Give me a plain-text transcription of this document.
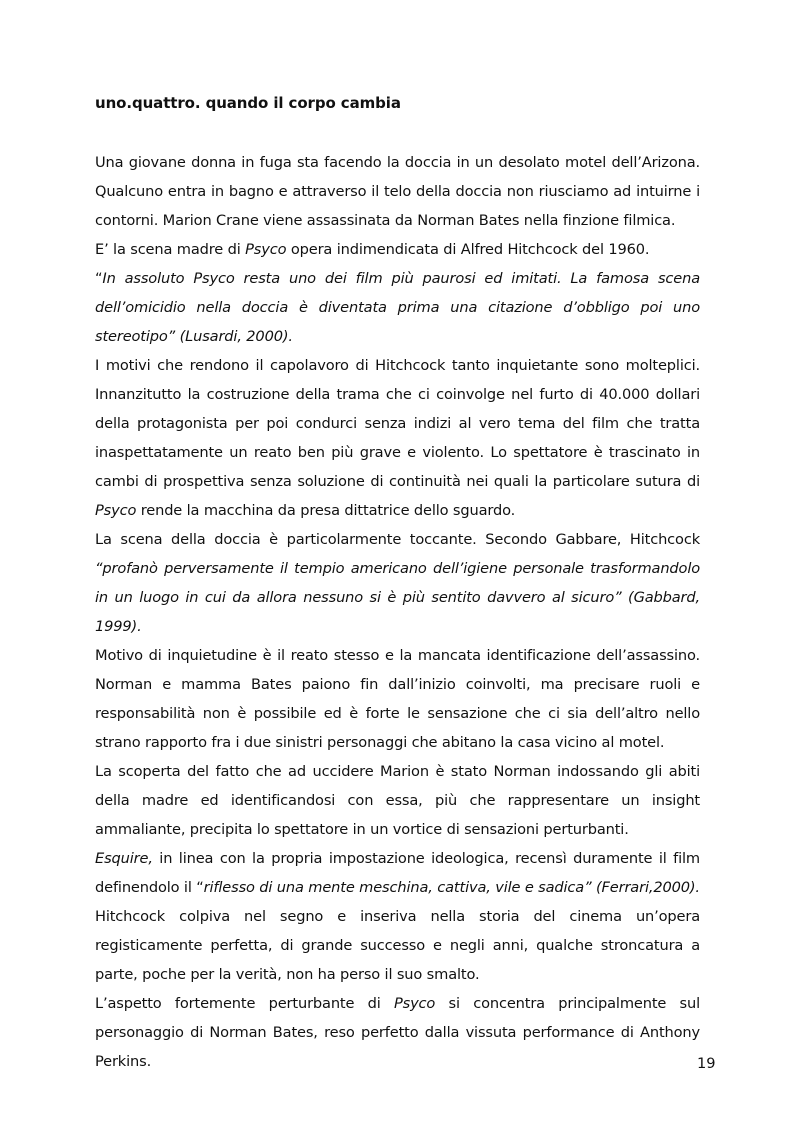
uno.quattro. quando il corpo cambia

Una giovane donna in fuga sta facendo la doccia in un desolato motel dell’Arizona. Qualcuno entra in bagno e attraverso il telo della doccia non riusciamo ad intuirne i contorni. Marion Crane viene assassinata da Norman Bates nella finzione filmica.

E’ la scena madre di Psyco opera indimendicata di Alfred Hitchcock del 1960.

“In assoluto Psyco resta uno dei film più paurosi ed imitati. La famosa scena dell’omicidio nella doccia è diventata prima una citazione d’obbligo poi uno stereotipo” (Lusardi, 2000).

I motivi che rendono il capolavoro di Hitchcock tanto inquietante sono molteplici. Innanzitutto la costruzione della trama che ci coinvolge nel furto di 40.000 dollari della protagonista per poi condurci senza indizi al vero tema del film che tratta inaspettatamente un reato ben più grave e violento. Lo spettatore è trascinato in cambi di prospettiva senza soluzione di continuità nei quali la particolare sutura di Psyco rende la macchina da presa dittatrice dello sguardo.

La scena della doccia è particolarmente toccante. Secondo Gabbare, Hitchcock “profanò perversamente il tempio americano dell’igiene personale trasformandolo in un luogo in cui da allora nessuno si è più sentito davvero al sicuro” (Gabbard, 1999).

Motivo di inquietudine è il reato stesso e la mancata identificazione dell’assassino. Norman e mamma Bates paiono fin dall’inizio coinvolti, ma precisare ruoli e responsabilità non è possibile ed è forte le sensazione che ci sia dell’altro nello strano rapporto fra i due sinistri personaggi che abitano la casa vicino al motel.

La scoperta del fatto che ad uccidere Marion è stato Norman indossando gli abiti della madre ed identificandosi con essa, più che rappresentare un insight ammaliante, precipita lo spettatore in un vortice di sensazioni perturbanti.

Esquire, in linea con la propria impostazione ideologica, recensì duramente il film definendolo il “riflesso di una mente meschina, cattiva, vile e sadica” (Ferrari,2000).

Hitchcock colpiva nel segno e inseriva nella storia del cinema un’opera registicamente perfetta, di grande successo e negli anni, qualche stroncatura a parte, poche per la verità, non ha perso il suo smalto.

L’aspetto fortemente perturbante di Psyco si concentra principalmente sul personaggio di Norman Bates, reso perfetto dalla vissuta performance di Anthony Perkins.	19
